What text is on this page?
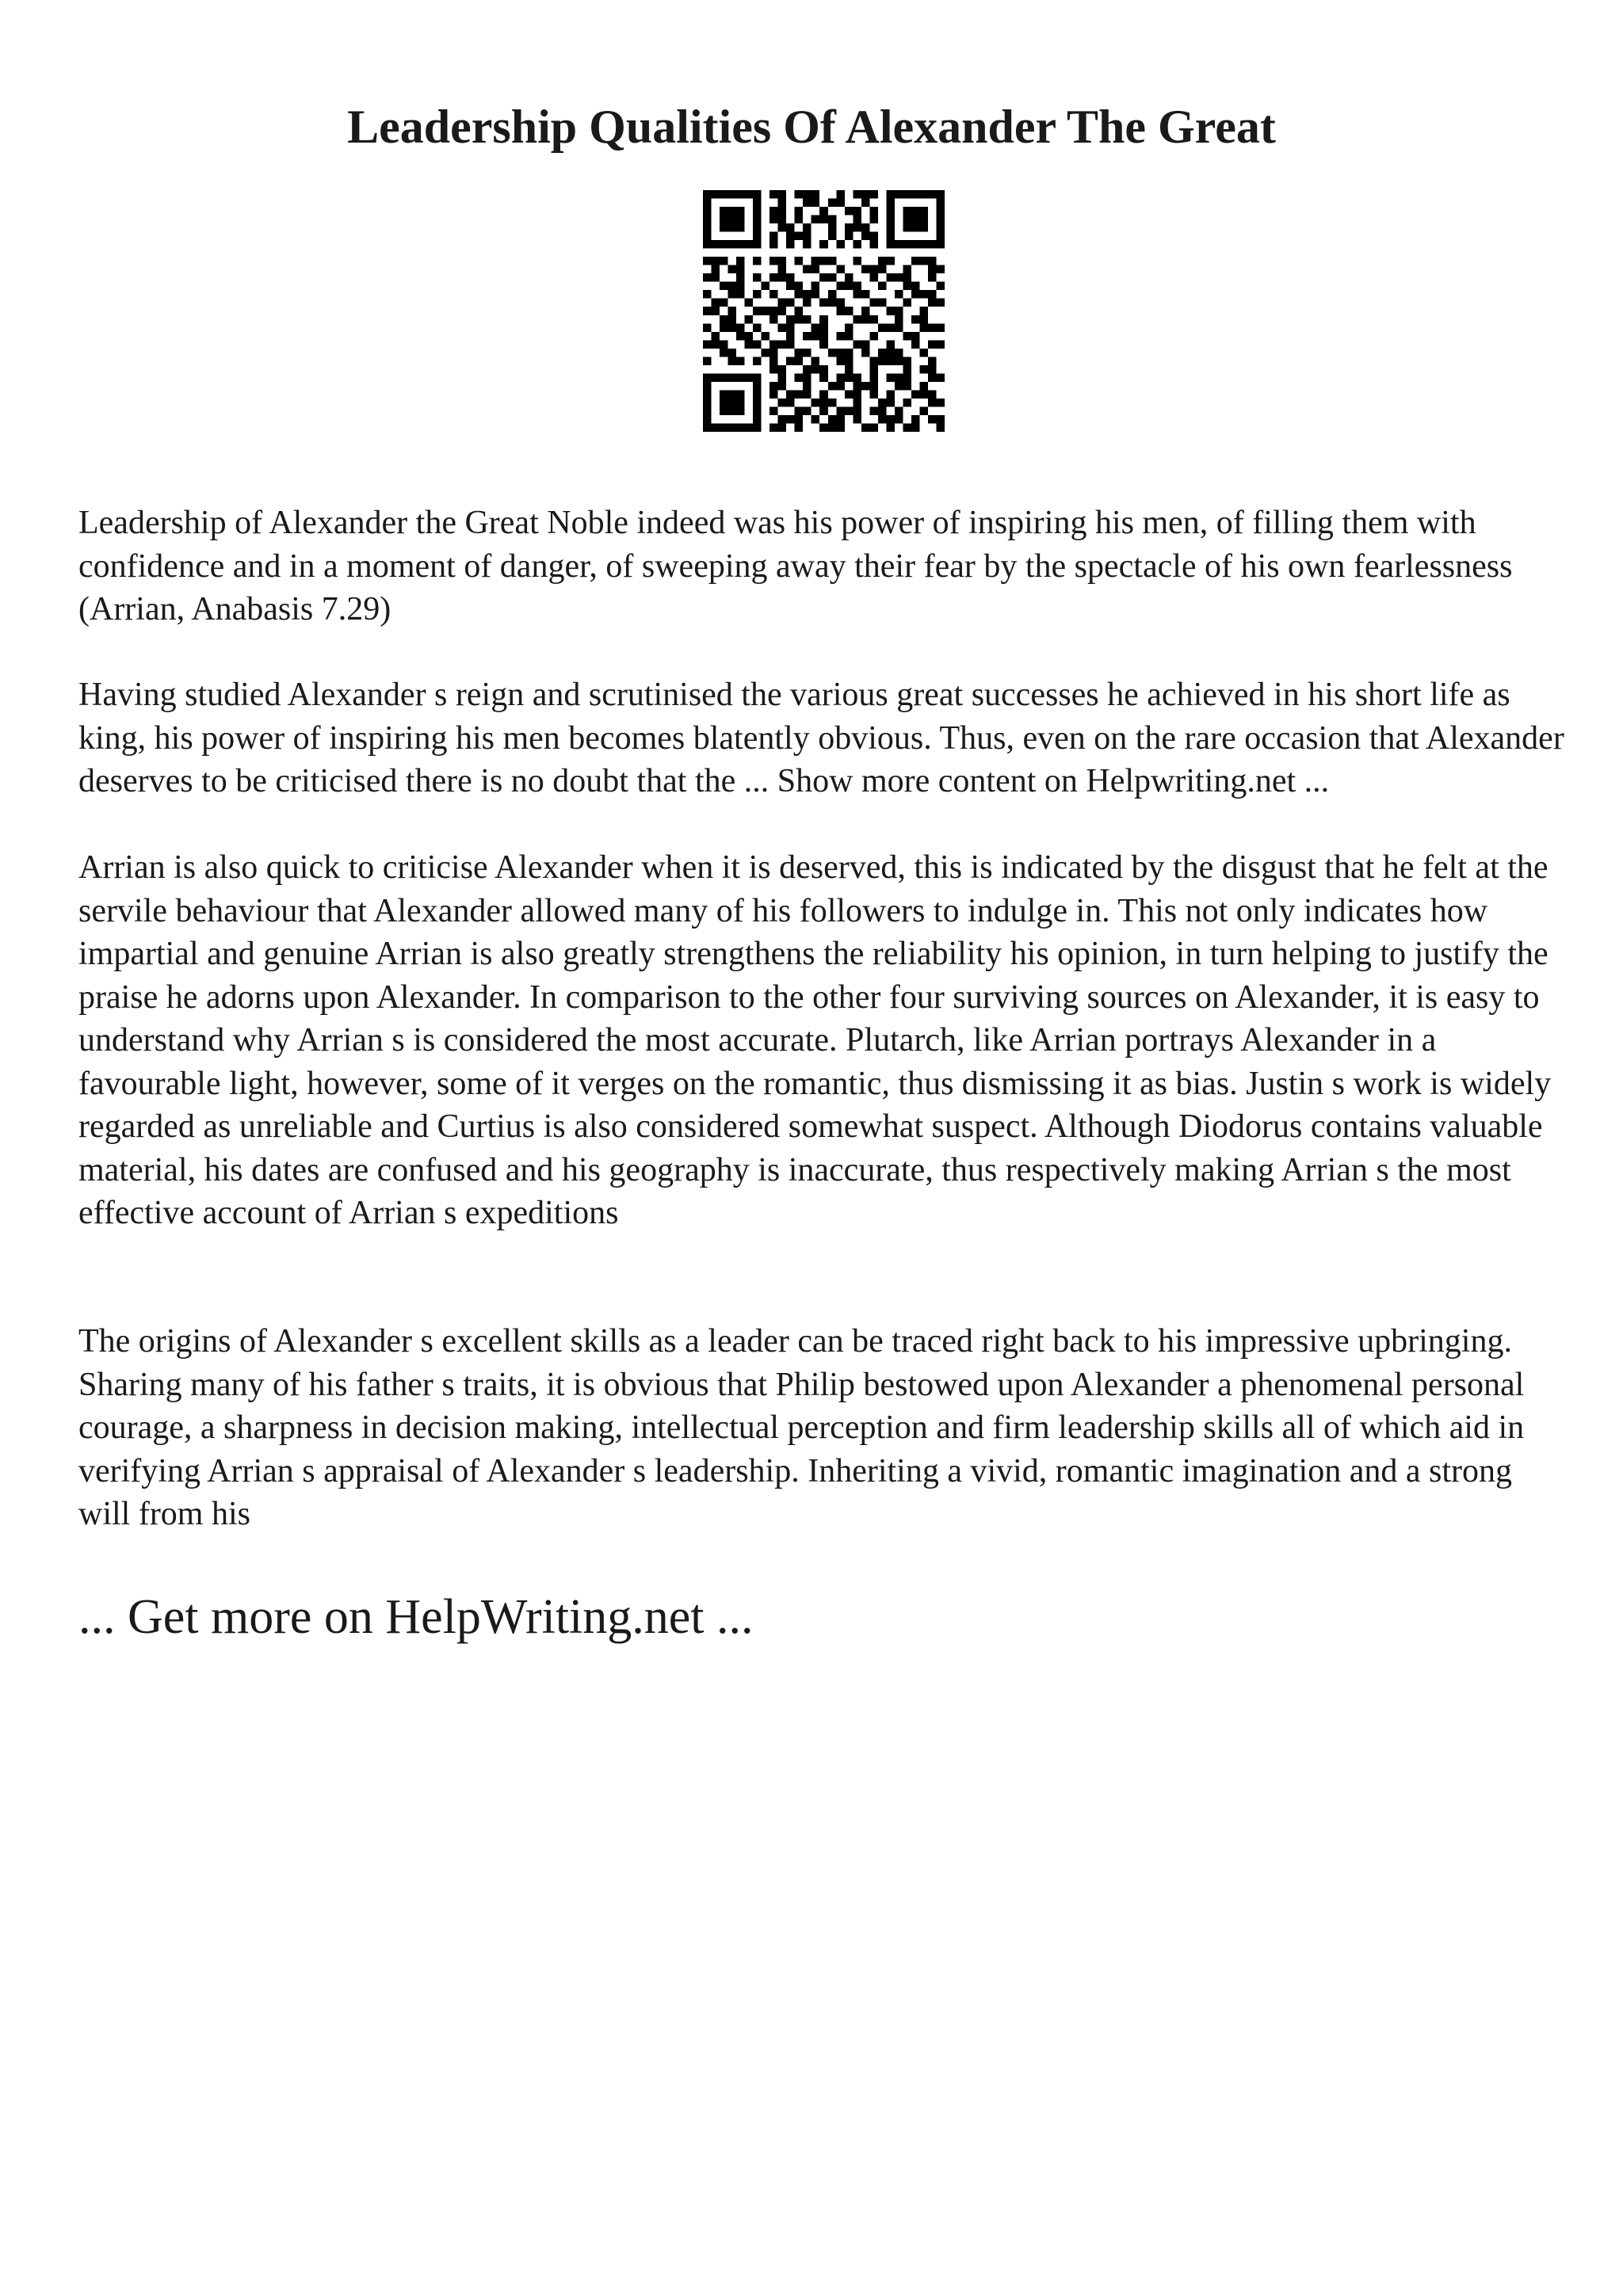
Leadership Qualities Of Alexander The Great

Leadership of Alexander the Great Noble indeed was his power of inspiring his men, of filling them with confidence and in a moment of danger, of sweeping away their fear by the spectacle of his own fearlessness (Arrian, Anabasis 7.29)

Having studied Alexander s reign and scrutinised the various great successes he achieved in his short life as king, his power of inspiring his men becomes blatently obvious. Thus, even on the rare occasion that Alexander deserves to be criticised there is no doubt that the ... Show more content on Helpwriting.net ...

Arrian is also quick to criticise Alexander when it is deserved, this is indicated by the disgust that he felt at the servile behaviour that Alexander allowed many of his followers to indulge in. This not only indicates how impartial and genuine Arrian is also greatly strengthens the reliability his opinion, in turn helping to justify the praise he adorns upon Alexander. In comparison to the other four surviving sources on Alexander, it is easy to understand why Arrian s is considered the most accurate. Plutarch, like Arrian portrays Alexander in a favourable light, however, some of it verges on the romantic, thus dismissing it as bias. Justin s work is widely regarded as unreliable and Curtius is also considered somewhat suspect. Although Diodorus contains valuable material, his dates are confused and his geography is inaccurate, thus respectively making Arrian s the most effective account of Arrian s expeditions

The origins of Alexander s excellent skills as a leader can be traced right back to his impressive upbringing. Sharing many of his father s traits, it is obvious that Philip bestowed upon Alexander a phenomenal personal courage, a sharpness in decision making, intellectual perception and firm leadership skills all of which aid in verifying Arrian s appraisal of Alexander s leadership. Inheriting a vivid, romantic imagination and a strong will from his

... Get more on HelpWriting.net ...
